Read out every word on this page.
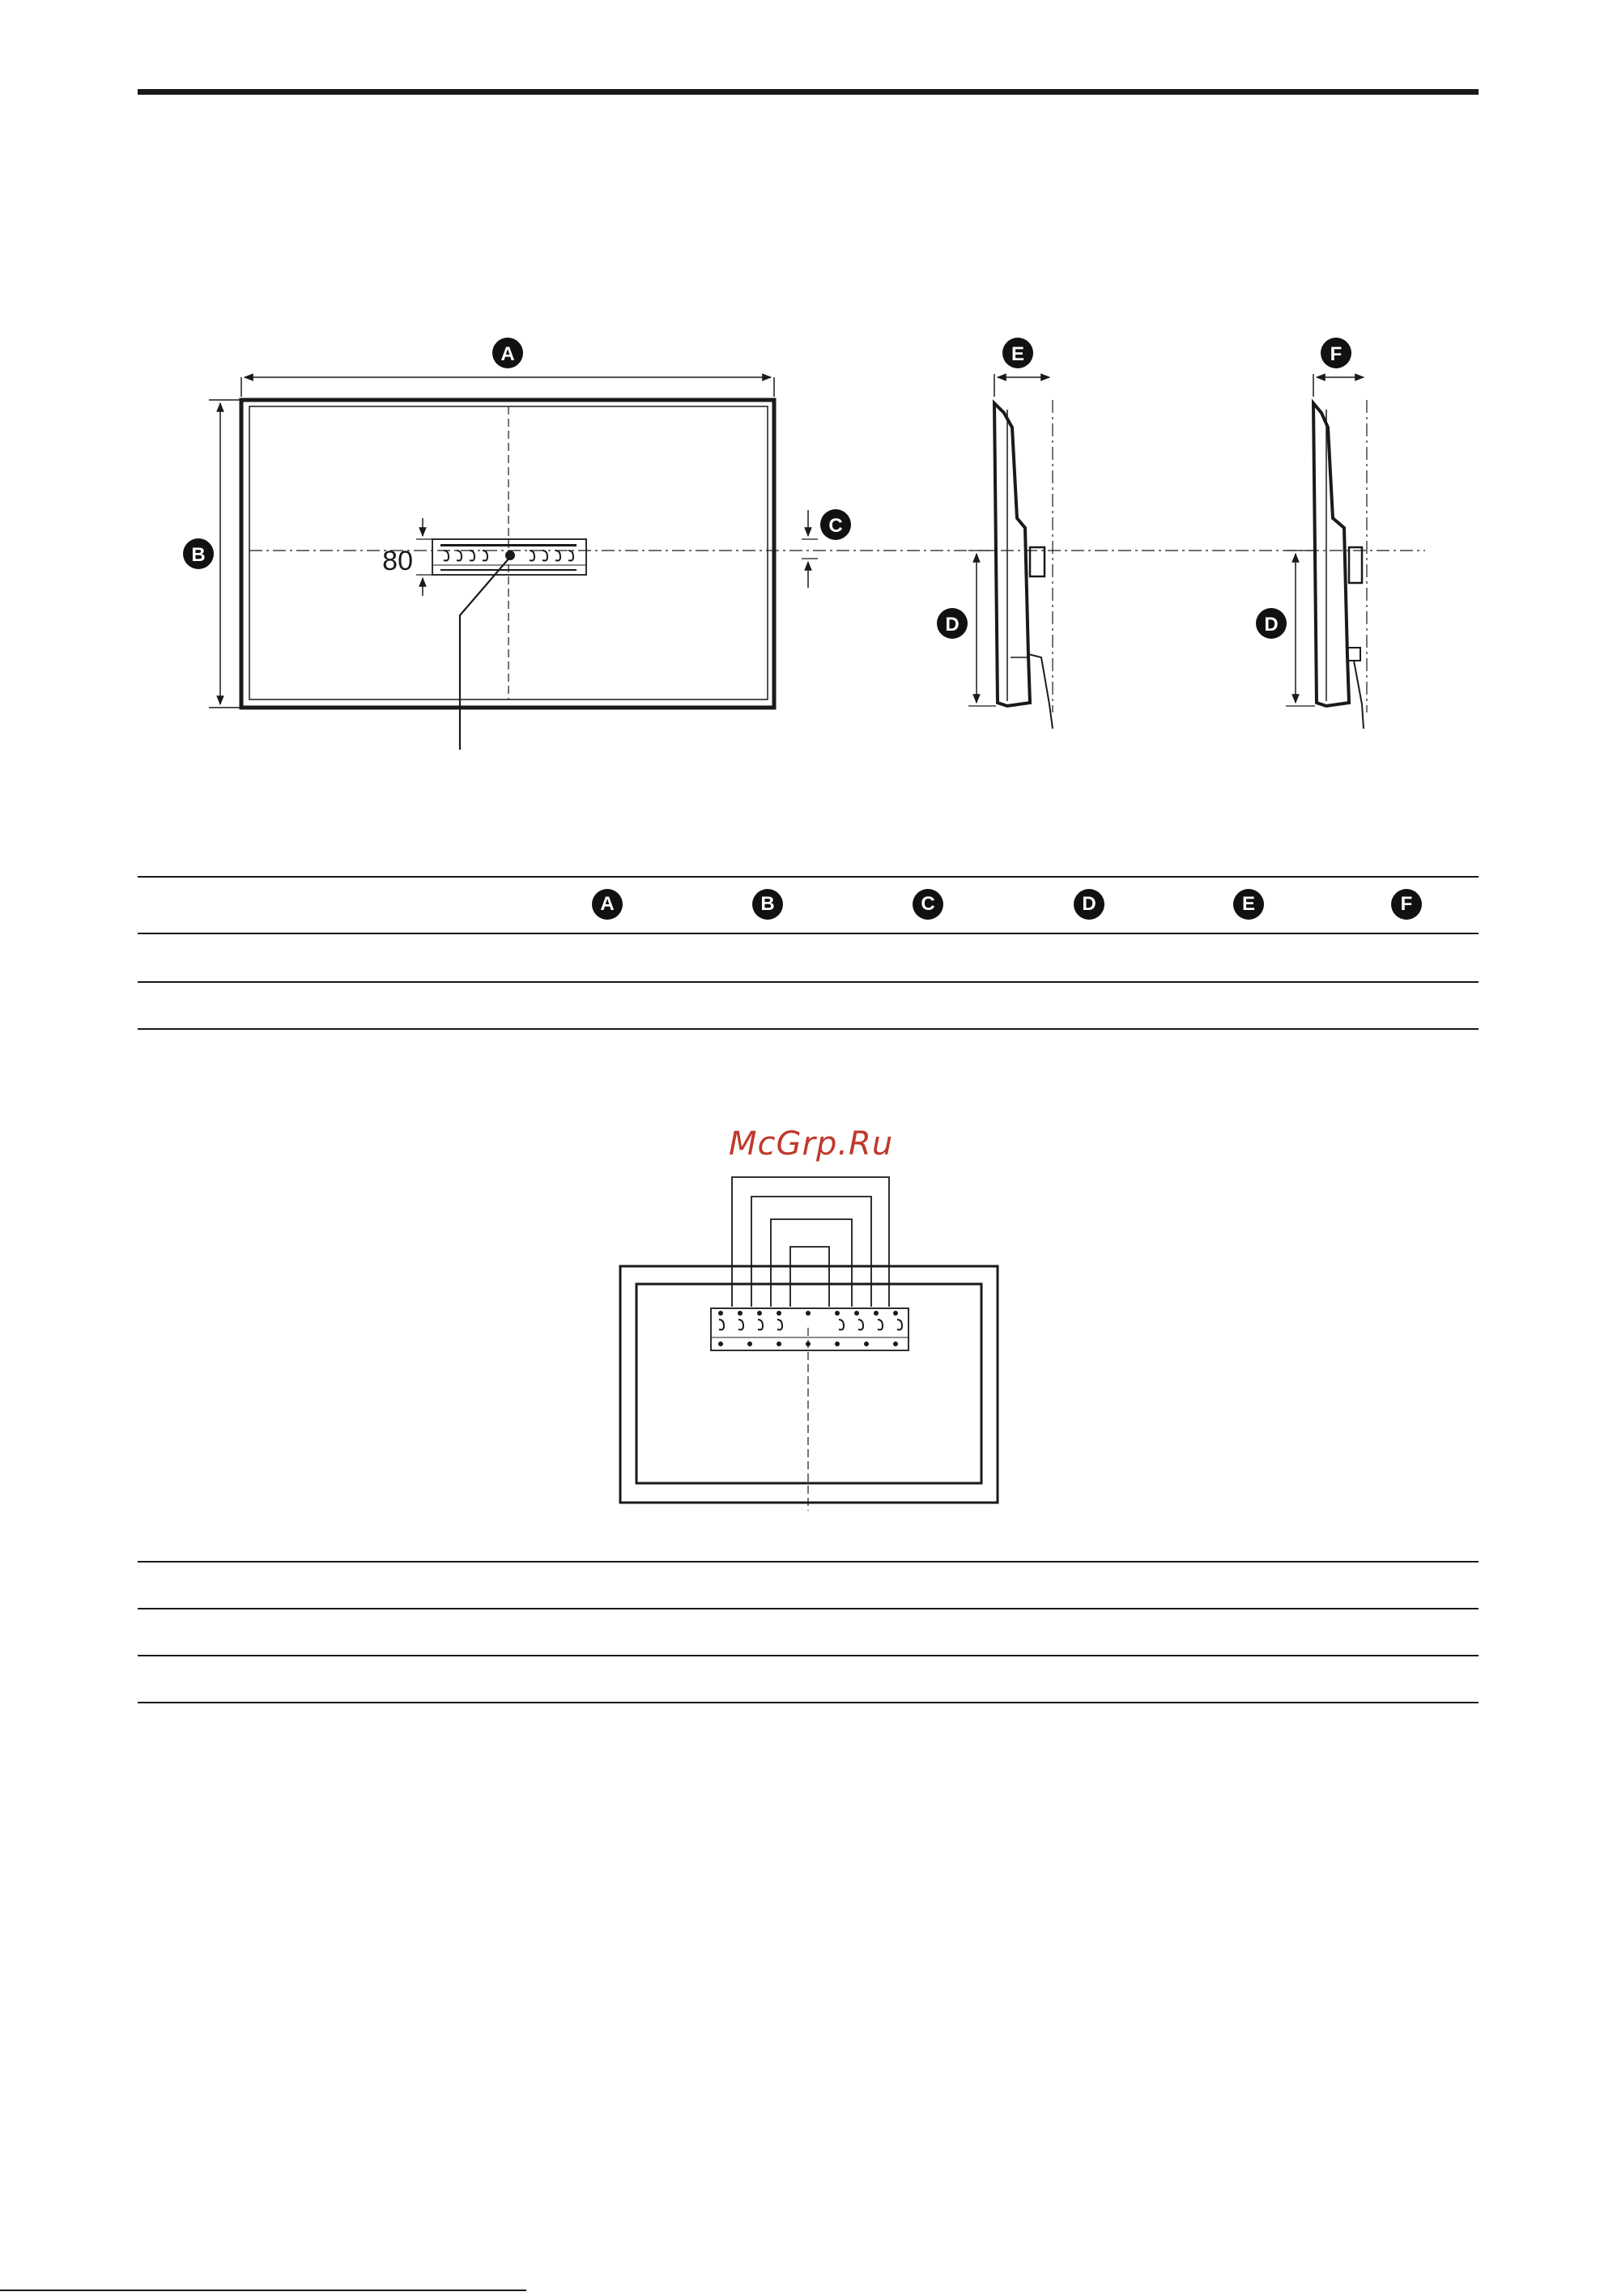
A
B
C
80
E
D
F
D
A	B	C	D	E	F
McGrp.Ru
